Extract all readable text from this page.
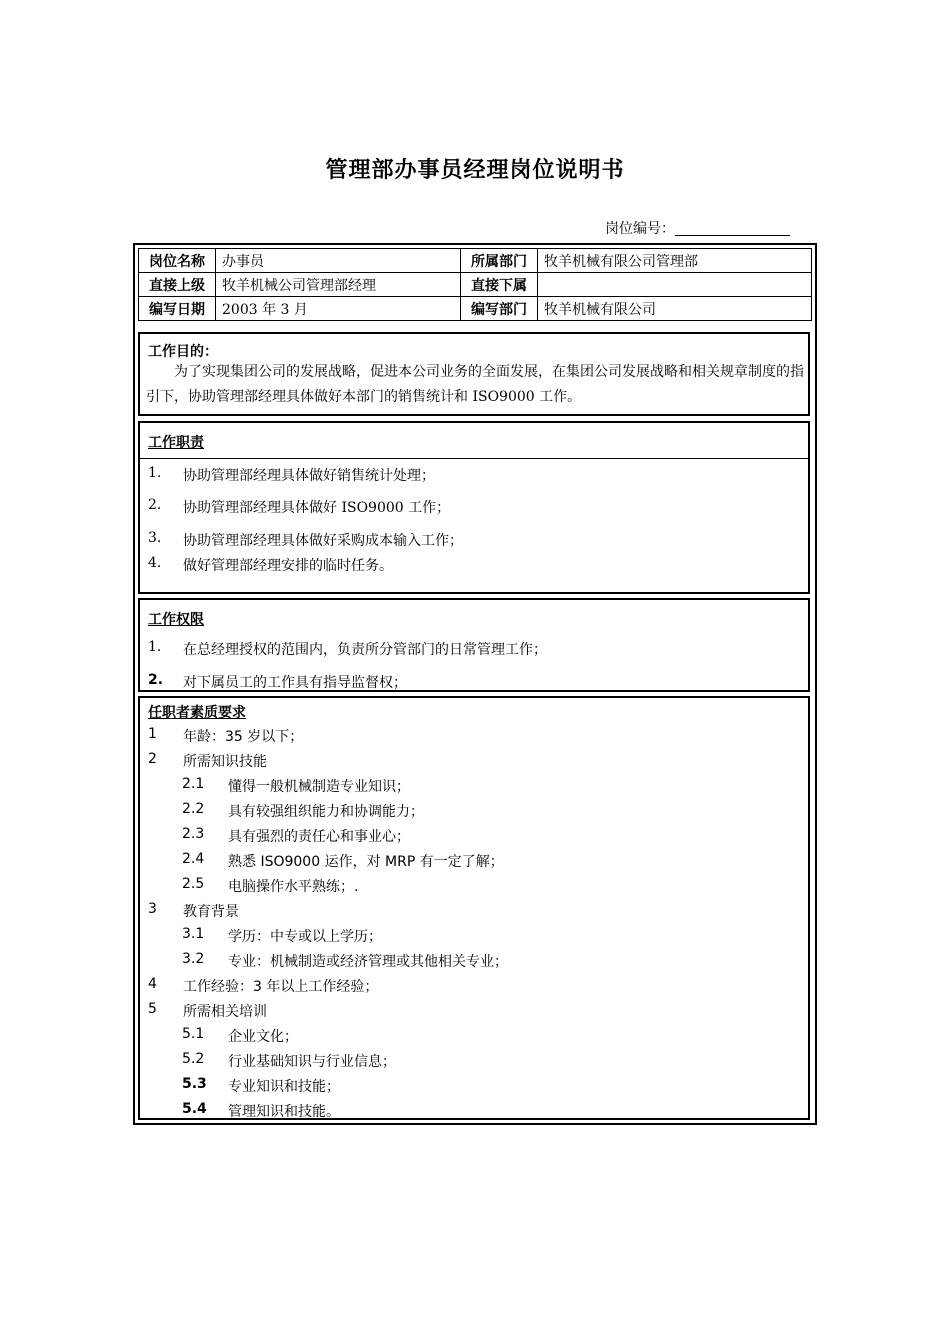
管理部办事员经理岗位说明书
岗位编号：
岗位名称	办事员	所属部门	牧羊机械有限公司管理部
直接上级	牧羊机械公司管理部经理	直接下属	
编写日期	2003 年 3 月	编写部门	牧羊机械有限公司
工作目的：
为了实现集团公司的发展战略，促进本公司业务的全面发展，在集团公司发展战略和相关规章制度的指引下，协助管理部经理具体做好本部门的销售统计和 ISO9000 工作。
工作职责
1. 协助管理部经理具体做好销售统计处理；
2. 协助管理部经理具体做好 ISO9000 工作；
3. 协助管理部经理具体做好采购成本输入工作；
4. 做好管理部经理安排的临时任务。
工作权限
1. 在总经理授权的范围内，负责所分管部门的日常管理工作；
2. 对下属员工的工作具有指导监督权；
任职者素质要求
1 年龄：35 岁以下；
2 所需知识技能
2.1 懂得一般机械制造专业知识；
2.2 具有较强组织能力和协调能力；
2.3 具有强烈的责任心和事业心；
2.4 熟悉 ISO9000 运作，对 MRP 有一定了解；
2.5 电脑操作水平熟练；.
3 教育背景
3.1 学历：中专或以上学历；
3.2 专业：机械制造或经济管理或其他相关专业；
4 工作经验：3 年以上工作经验；
5 所需相关培训
5.1 企业文化；
5.2 行业基础知识与行业信息；
5.3 专业知识和技能；
5.4 管理知识和技能。
